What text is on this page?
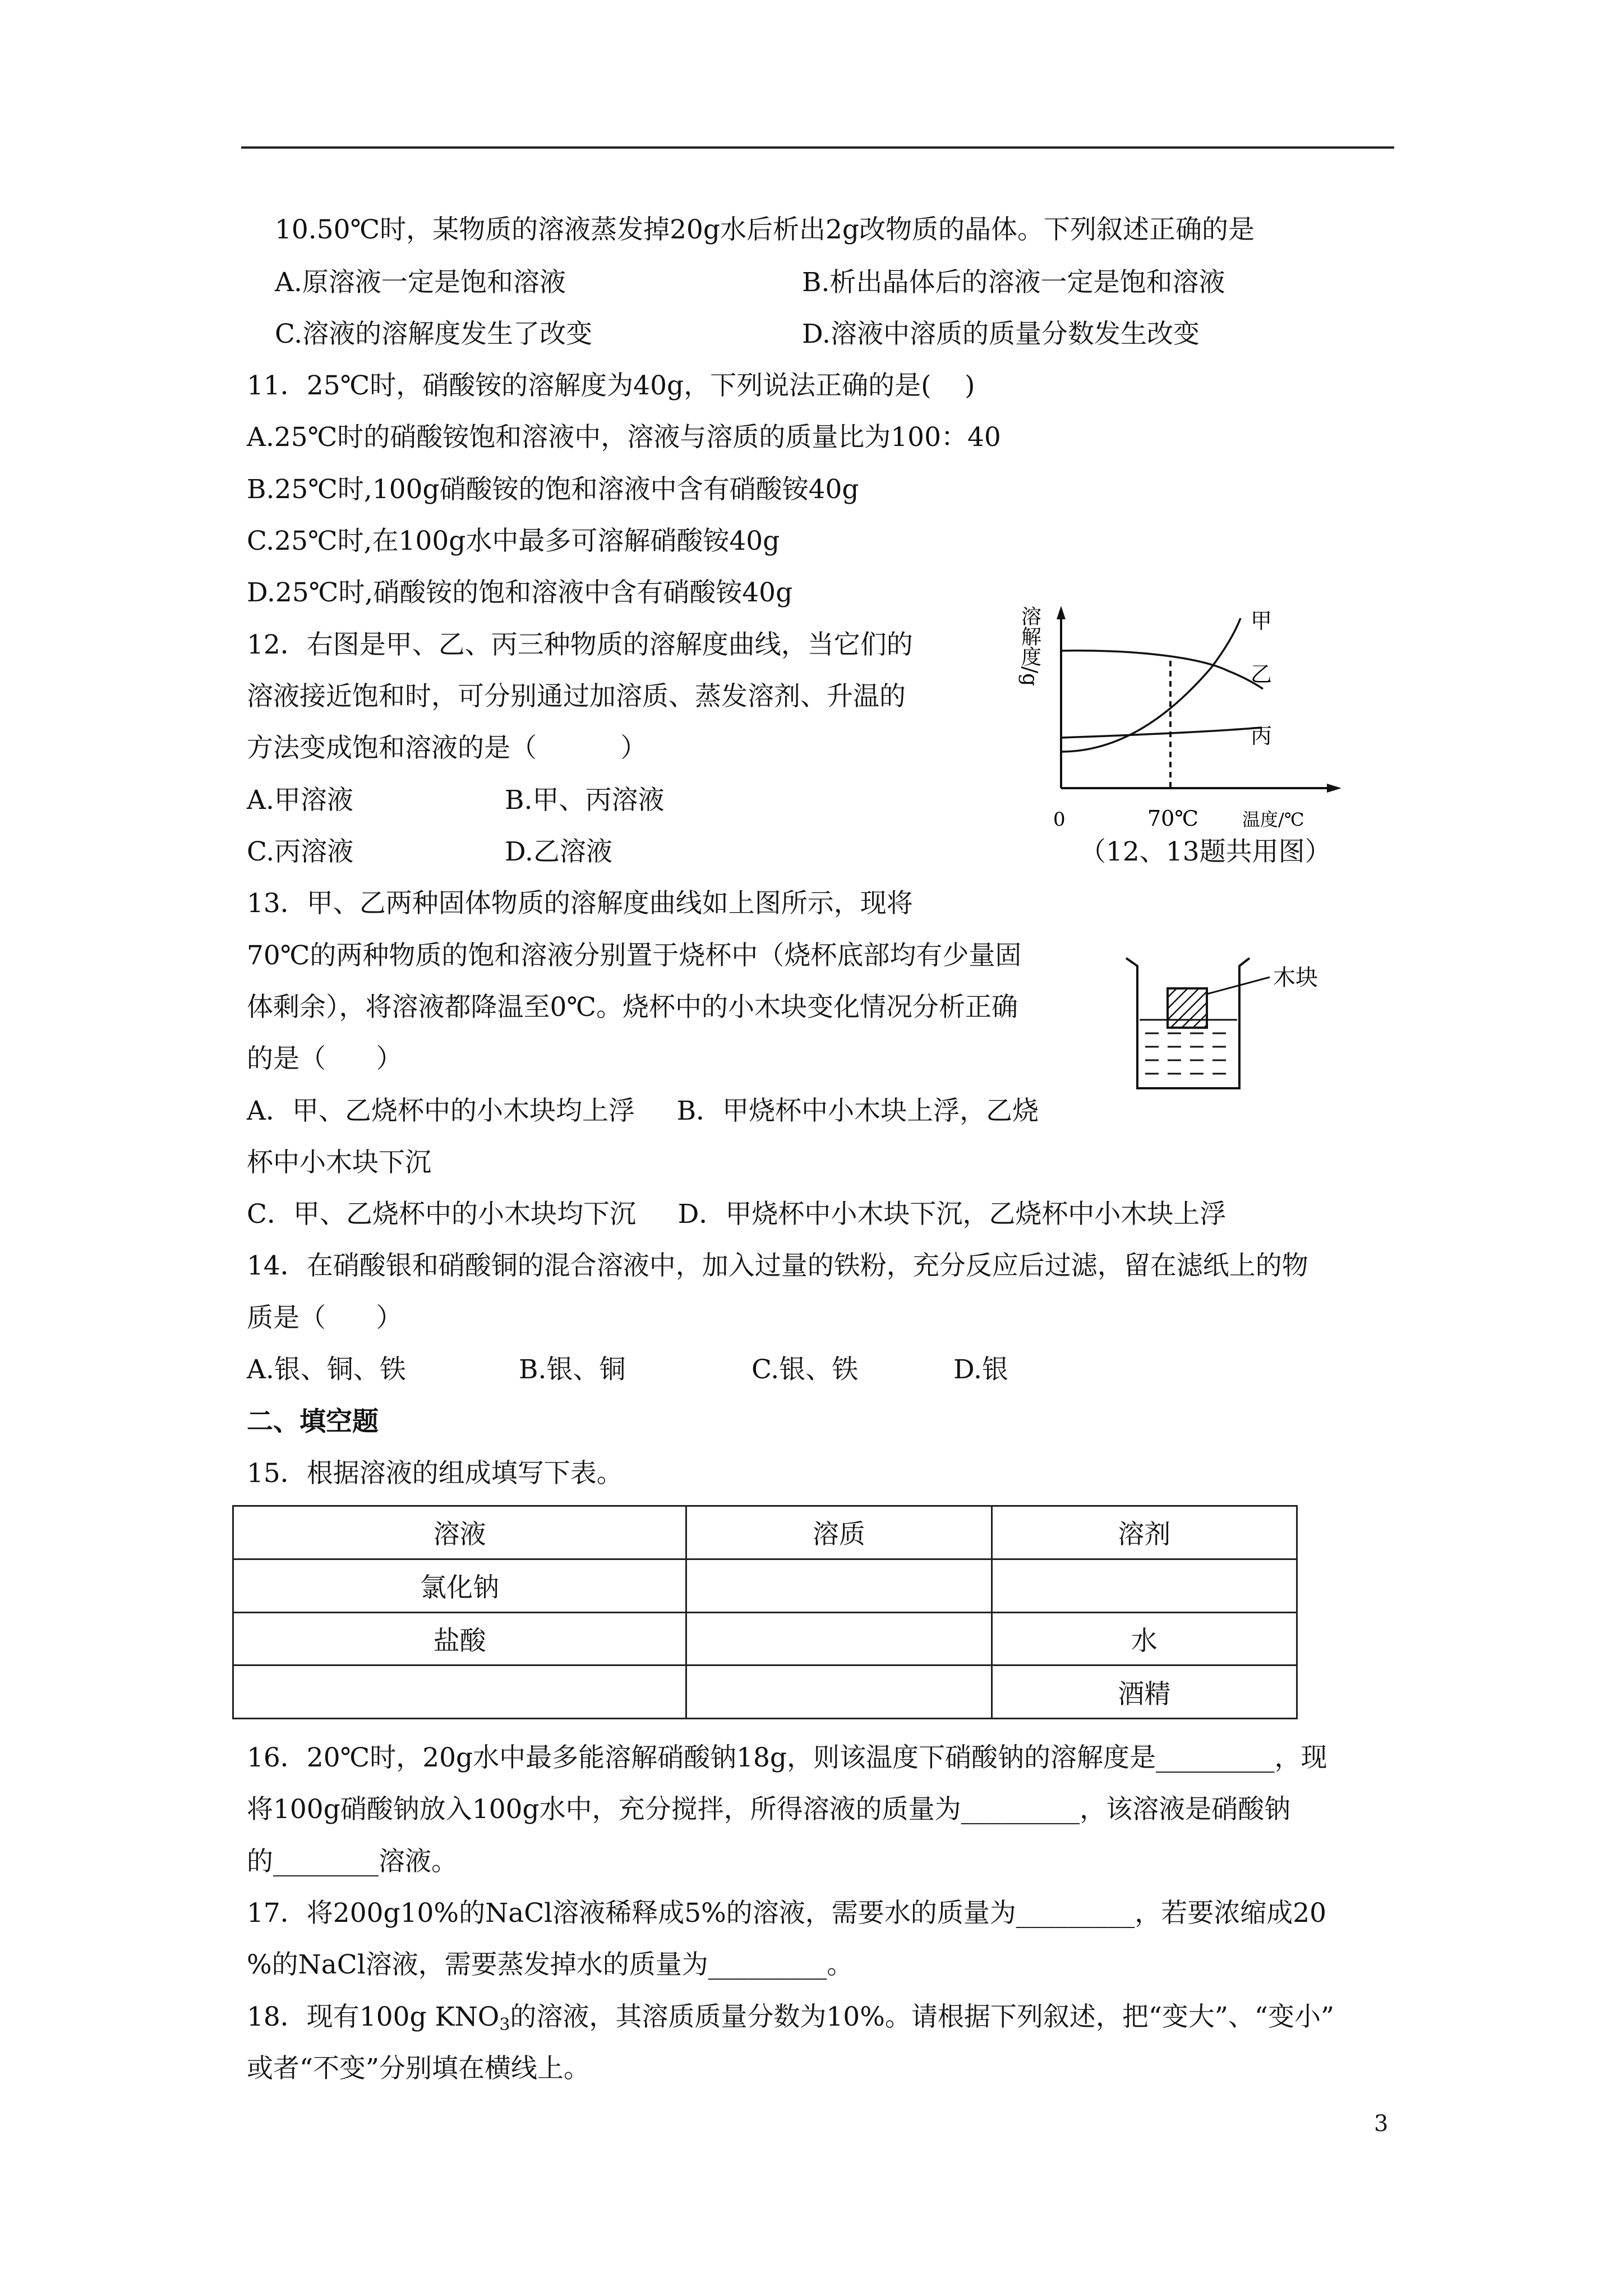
10.50℃时，某物质的溶液蒸发掉20g水后析出2g改物质的晶体。下列叙述正确的是
A.原溶液一定是饱和溶液	B.析出晶体后的溶液一定是饱和溶液
C.溶液的溶解度发生了改变	D.溶液中溶质的质量分数发生改变
11．25℃时，硝酸铵的溶解度为40g，下列说法正确的是(    )
A.25℃时的硝酸铵饱和溶液中，溶液与溶质的质量比为100：40
B.25℃时,100g硝酸铵的饱和溶液中含有硝酸铵40g
C.25℃时,在100g水中最多可溶解硝酸铵40g
D.25℃时,硝酸铵的饱和溶液中含有硝酸铵40g
12．右图是甲、乙、丙三种物质的溶解度曲线，当它们的
溶液接近饱和时，可分别通过加溶质、蒸发溶剂、升温的
方法变成饱和溶液的是（          ）
A.甲溶液	B.甲、丙溶液
C.丙溶液	D.乙溶液
溶解度/g	甲
乙
丙
0	70℃ 温度/℃
（12、13题共用图）
13．甲、乙两种固体物质的溶解度曲线如上图所示，现将
70℃的两种物质的饱和溶液分别置于烧杯中（烧杯底部均有少量固
体剩余），将溶液都降温至0℃。烧杯中的小木块变化情况分析正确
的是（      ）
A．甲、乙烧杯中的小木块均上浮     B．甲烧杯中小木块上浮，乙烧
杯中小木块下沉
C．甲、乙烧杯中的小木块均下沉     D．甲烧杯中小木块下沉，乙烧杯中小木块上浮
木块
14．在硝酸银和硝酸铜的混合溶液中，加入过量的铁粉，充分反应后过滤，留在滤纸上的物
质是（      ）
A.银、铜、铁	B.银、铜	C.银、铁	D.银
二、填空题
15．根据溶液的组成填写下表。
溶液	溶质	溶剂
氯化钠		
盐酸		水
		酒精
16．20℃时，20g水中最多能溶解硝酸钠18g，则该温度下硝酸钠的溶解度是_________，现
将100g硝酸钠放入100g水中，充分搅拌，所得溶液的质量为_________，该溶液是硝酸钠
的________溶液。
17．将200g10%的NaCl溶液稀释成5%的溶液，需要水的质量为_________，若要浓缩成20
%的NaCl溶液，需要蒸发掉水的质量为_________。
18．现有100g $KNO_3$的溶液，其溶质质量分数为10%。请根据下列叙述，把“变大”、“变小”
或者“不变”分别填在横线上。
3
